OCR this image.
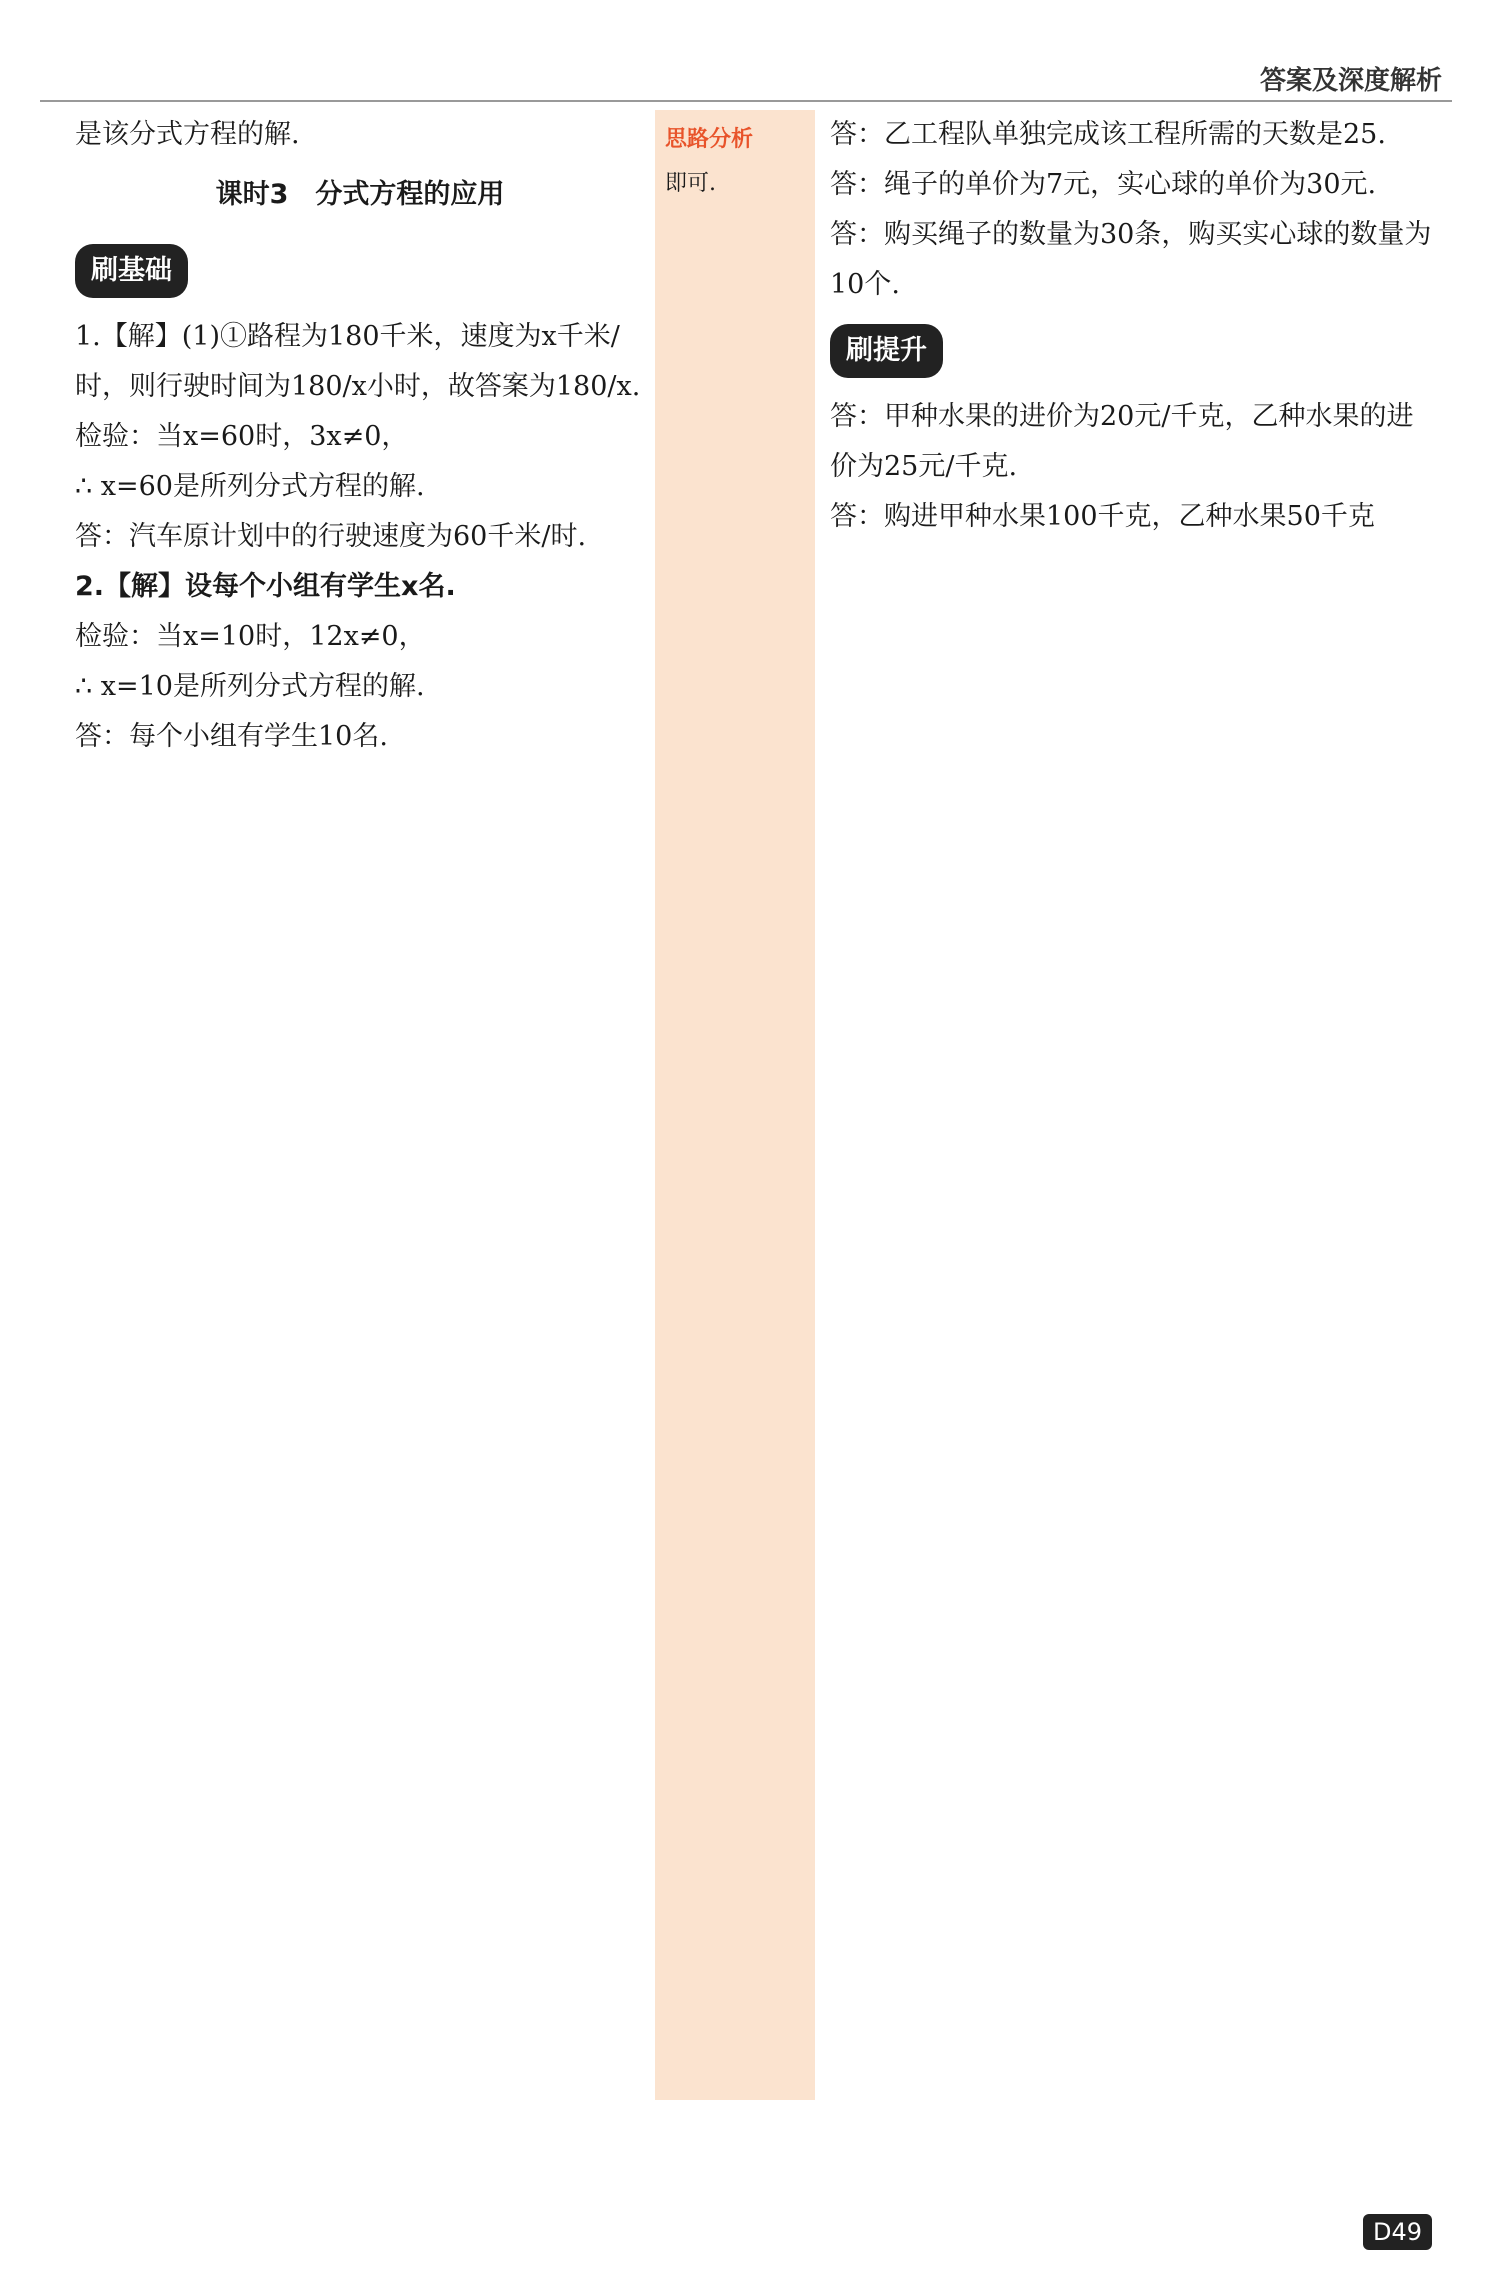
答案及深度解析
是该分式方程的解.
课时3　分式方程的应用
刷基础
1.【解】(1)①路程为180千米，速度为x千米/时，则行驶时间为180/x小时，故答案为180/x.
检验：当x=60时，3x≠0，
∴ x=60是所列分式方程的解.
答：汽车原计划中的行驶速度为60千米/时.
2.【解】设每个小组有学生x名.
检验：当x=10时，12x≠0，
∴ x=10是所列分式方程的解.
答：每个小组有学生10名.
思路分析
即可.
答：乙工程队单独完成该工程所需的天数是25.
答：绳子的单价为7元，实心球的单价为30元.
答：购买绳子的数量为30条，购买实心球的数量为10个.
刷提升
答：甲种水果的进价为20元/千克，乙种水果的进价为25元/千克.
答：购进甲种水果100千克，乙种水果50千克
D49
